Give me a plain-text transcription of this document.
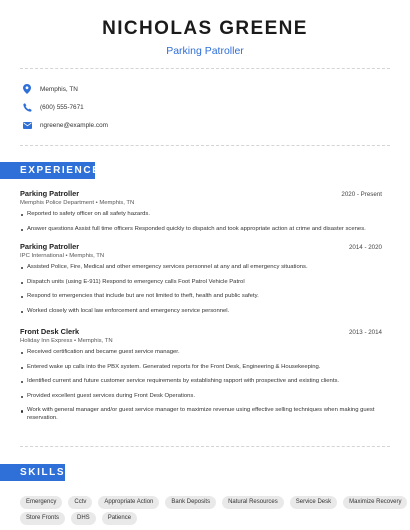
NICHOLAS GREENE
Parking Patroller
Memphis, TN
(600) 555-7671
ngreene@example.com
EXPERIENCE
Parking Patroller	2020 - Present
Memphis Police Department • Memphis, TN
Reported to safety officer on all safety hazards.
Answer questions Assist full time officers Responded quickly to dispatch and took appropriate action at crime and disaster scenes.
Parking Patroller	2014 - 2020
IPC International • Memphis, TN
Assisted Police, Fire, Medical and other emergency services personnel at any and all emergency situations.
Dispatch units (using E-911) Respond to emergency calls Foot Patrol Vehicle Patrol
Respond to emergencies that include but are not limited to theft, health and public safety.
Worked closely with local law enforcement and emergency service personnel.
Front Desk Clerk	2013 - 2014
Holiday Inn Express • Memphis, TN
Received certification and became guest service manager.
Entered wake up calls into the PBX system. Generated reports for the Front Desk, Engineering & Housekeeping.
Identified current and future customer service requirements by establishing rapport with prospective and existing clients.
Provided excellent guest services during Front Desk Operations.
Work with general manager and/or guest service manager to maximize revenue using effective selling techniques when making guest reservation.
SKILLS
Emergency	Cctv	Appropriate Action	Bank Deposits	Natural Resources	Service Desk	Maximize Recovery
Store Fronts	DHS	Patience
